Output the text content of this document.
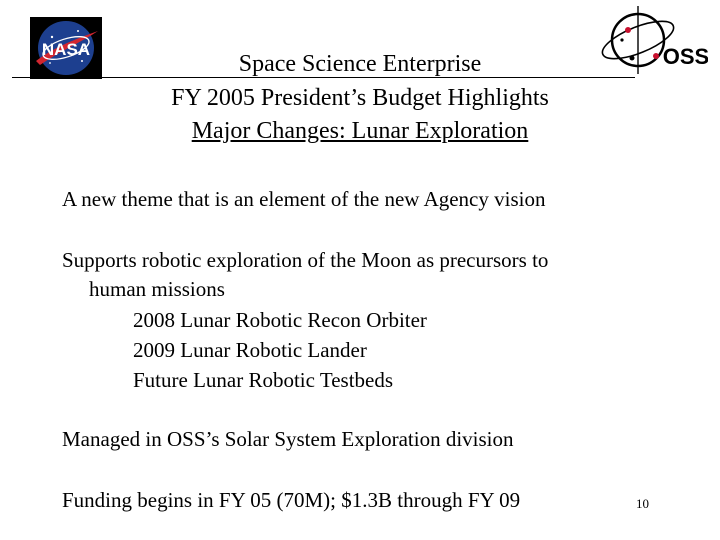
NASA	OSS
Space Science Enterprise
FY 2005 President’s Budget Highlights
Major Changes: Lunar Exploration
A new theme that is an element of the new Agency vision
Supports robotic exploration of the Moon as precursors to
human missions
2008 Lunar Robotic Recon Orbiter
2009 Lunar Robotic Lander
Future Lunar Robotic Testbeds
Managed in OSS’s Solar System Exploration division
Funding begins in FY 05 (70M); $1.3B through FY 09	10
